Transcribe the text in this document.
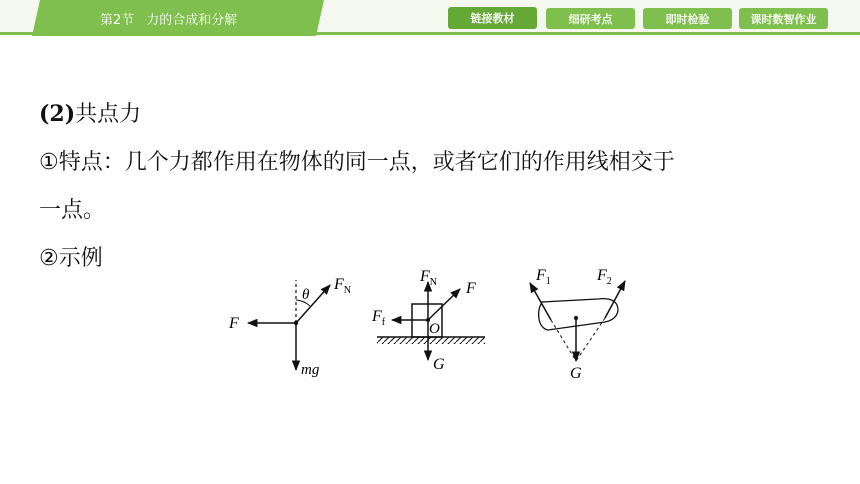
第2节 力的合成和分解	链接教材	细研考点	即时检验	课时数智作业

(2)共点力

①特点：几个力都作用在物体的同一点，或者它们的作用线相交于

一点。

②示例

θ
$F_N$
F
mg
$F_N$ F
$F_f$	O
G
$F_1$	$F_2$
G
